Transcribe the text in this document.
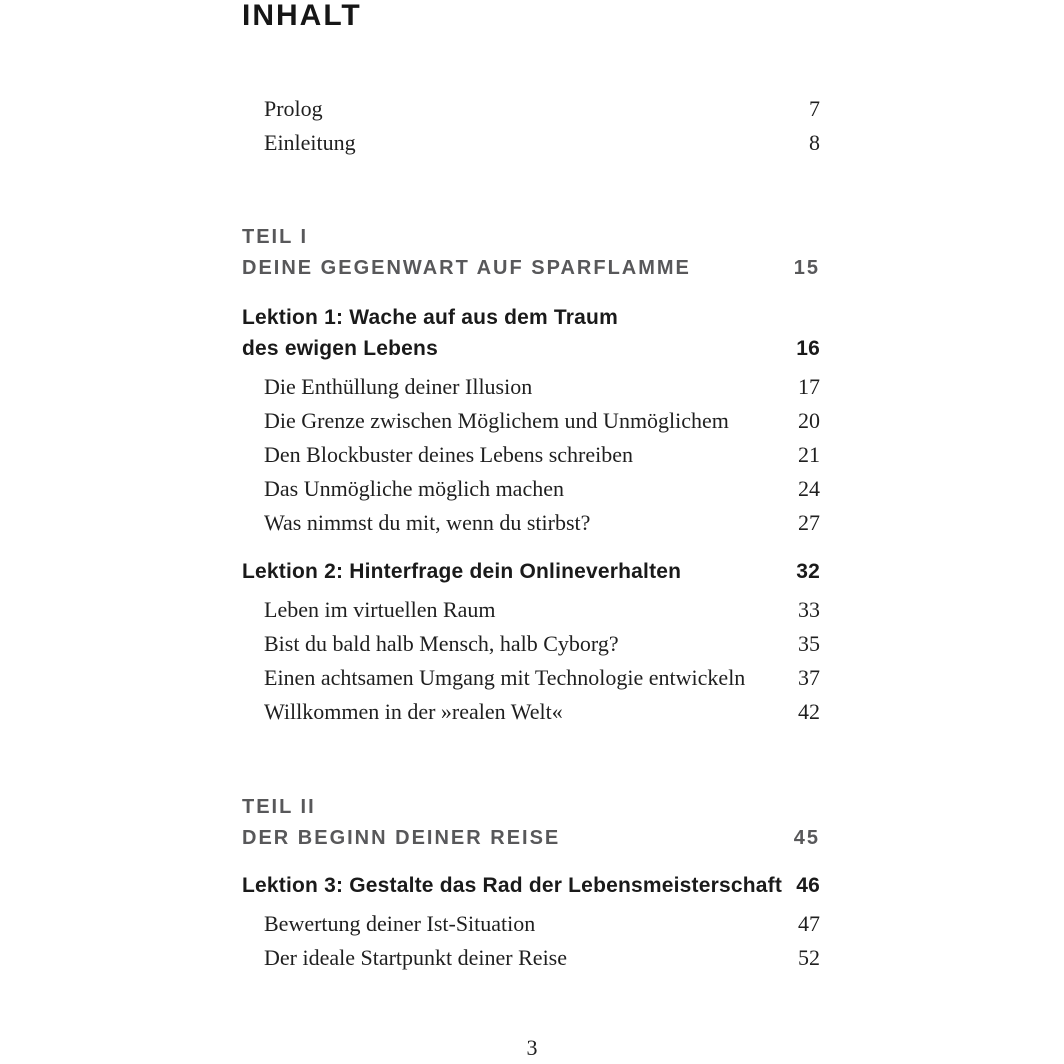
INHALT
Prolog	7
Einleitung	8
TEIL I
DEINE GEGENWART AUF SPARFLAMME	15
Lektion 1: Wache auf aus dem Traum
des ewigen Lebens	16
Die Enthüllung deiner Illusion	17
Die Grenze zwischen Möglichem und Unmöglichem	20
Den Blockbuster deines Lebens schreiben	21
Das Unmögliche möglich machen	24
Was nimmst du mit, wenn du stirbst?	27
Lektion 2: Hinterfrage dein Onlineverhalten	32
Leben im virtuellen Raum	33
Bist du bald halb Mensch, halb Cyborg?	35
Einen achtsamen Umgang mit Technologie entwickeln 37
Willkommen in der »realen Welt«	42
TEIL II
DER BEGINN DEINER REISE	45
Lektion 3: Gestalte das Rad der Lebensmeisterschaft 46
Bewertung deiner Ist-Situation	47
Der ideale Startpunkt deiner Reise	52
3
